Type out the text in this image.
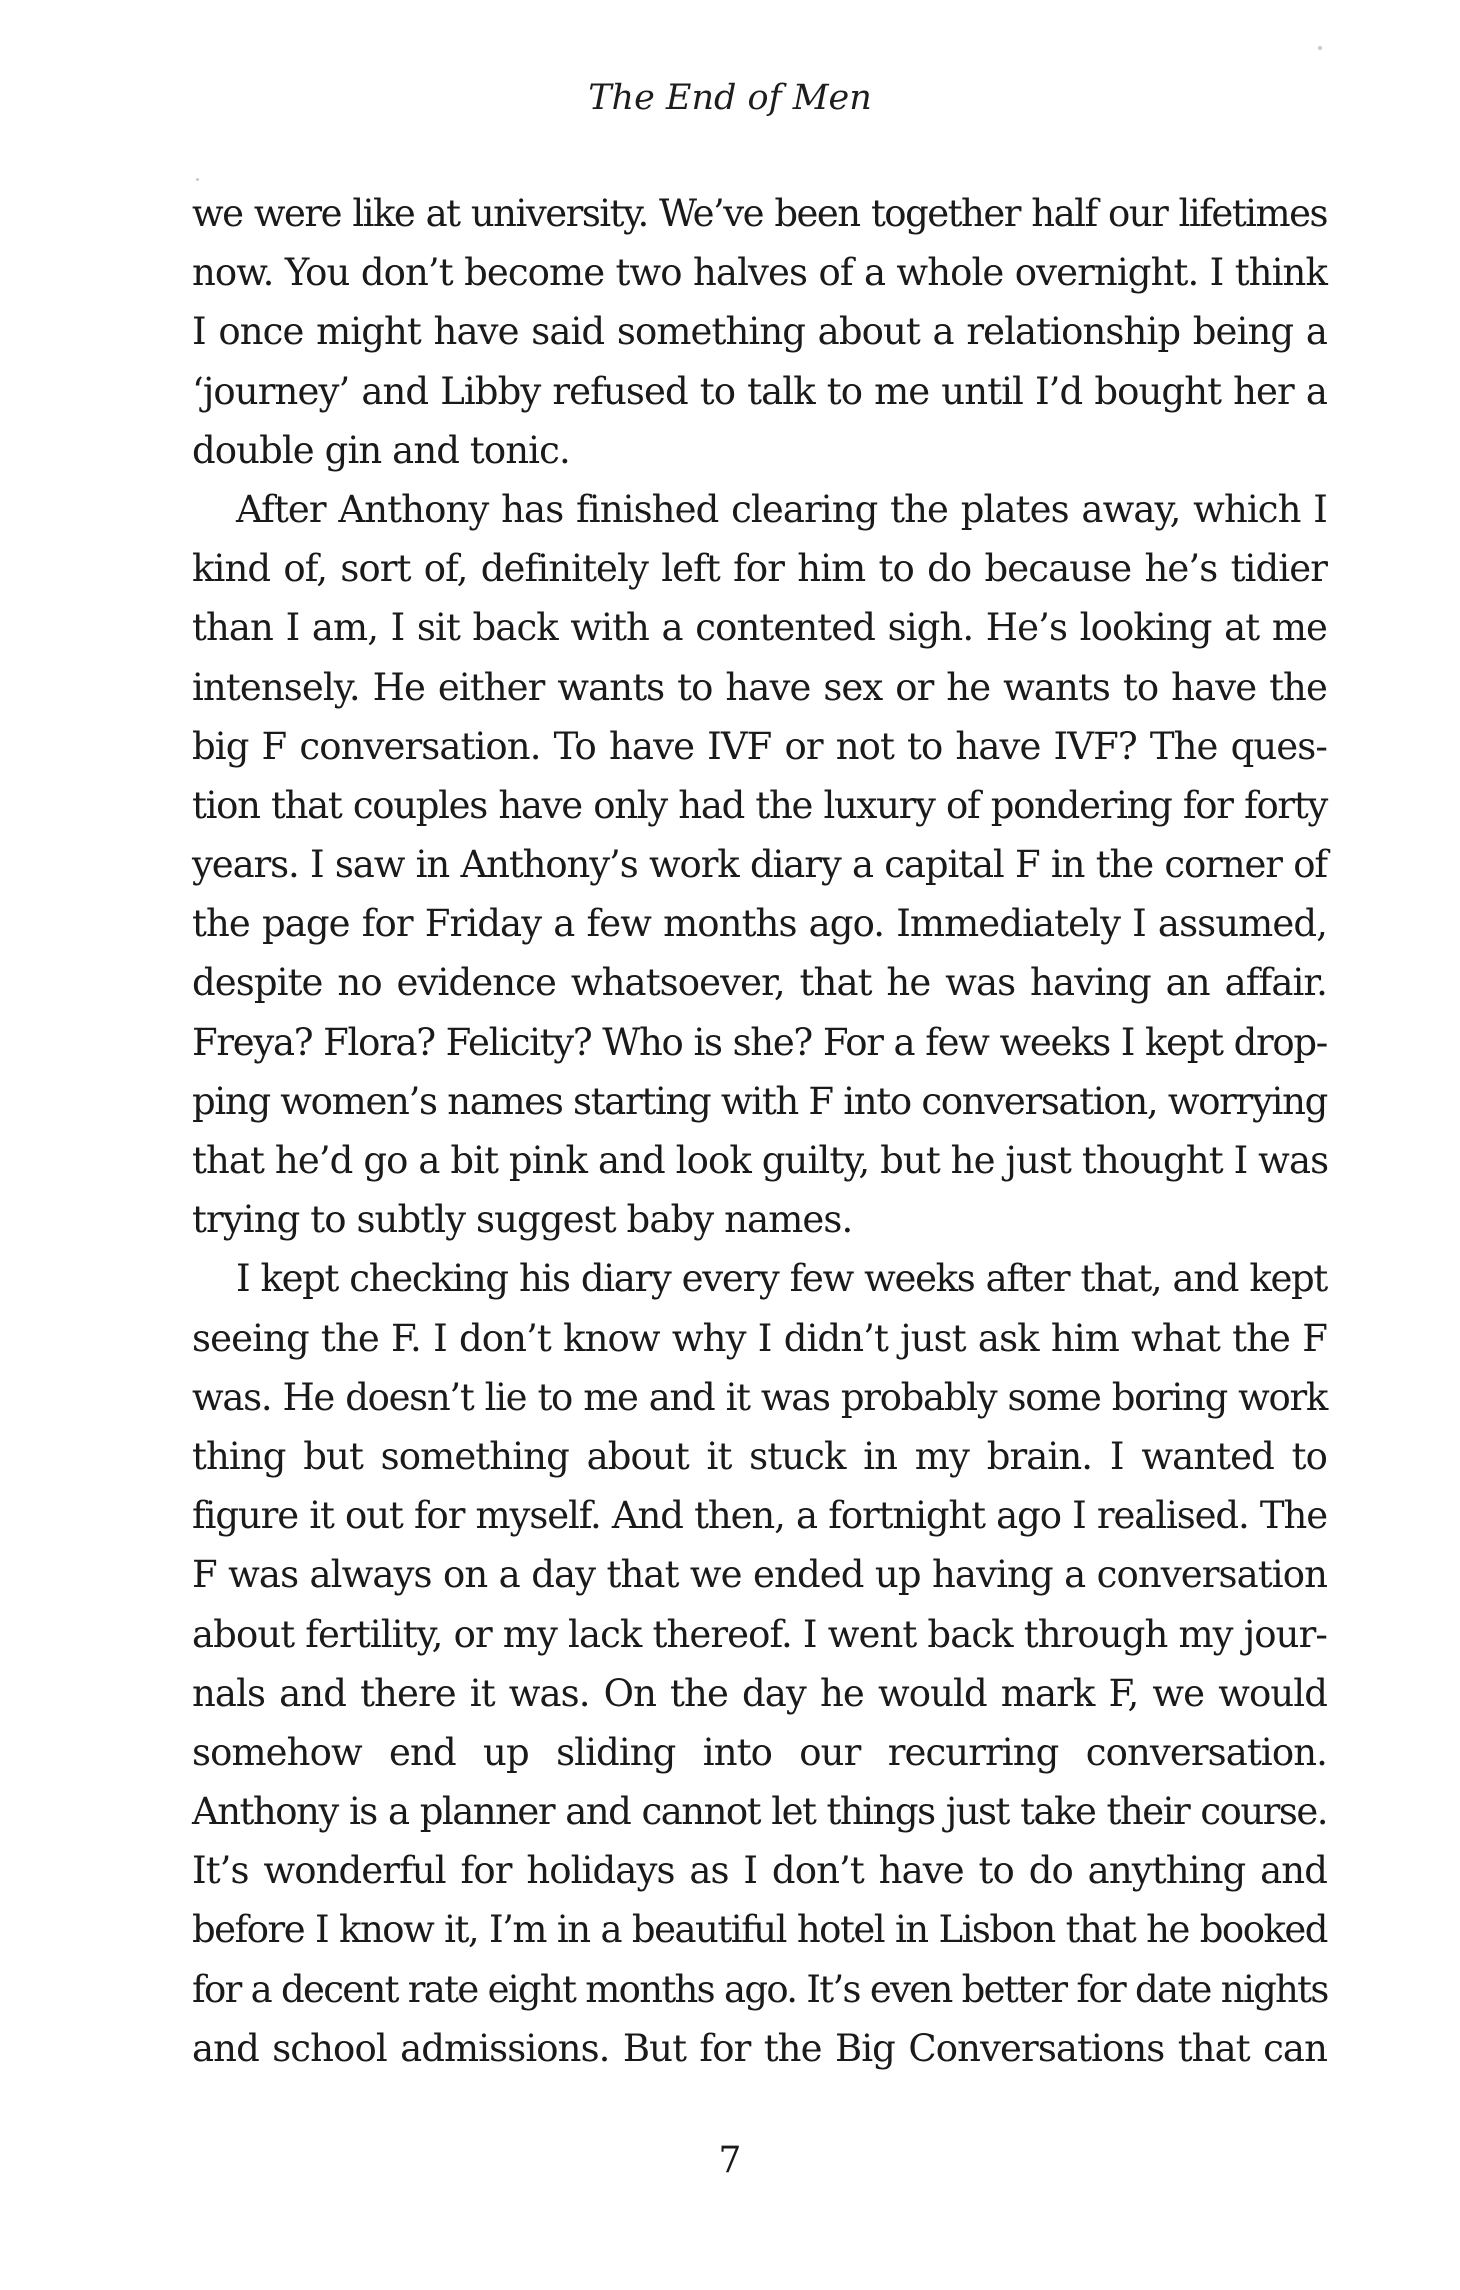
The End of Men
we were like at university. We’ve been together half our lifetimes
now. You don’t become two halves of a whole overnight. I think
I once might have said something about a relationship being a
‘journey’ and Libby refused to talk to me until I’d bought her a
double gin and tonic.
After Anthony has finished clearing the plates away, which I
kind of, sort of, definitely left for him to do because he’s tidier
than I am, I sit back with a contented sigh. He’s looking at me
intensely. He either wants to have sex or he wants to have the
big F conversation. To have IVF or not to have IVF? The ques-
tion that couples have only had the luxury of pondering for forty
years. I saw in Anthony’s work diary a capital F in the corner of
the page for Friday a few months ago. Immediately I assumed,
despite no evidence whatsoever, that he was having an affair.
Freya? Flora? Felicity? Who is she? For a few weeks I kept drop-
ping women’s names starting with F into conversation, worrying
that he’d go a bit pink and look guilty, but he just thought I was
trying to subtly suggest baby names.
I kept checking his diary every few weeks after that, and kept
seeing the F. I don’t know why I didn’t just ask him what the F
was. He doesn’t lie to me and it was probably some boring work
thing but something about it stuck in my brain. I wanted to
figure it out for myself. And then, a fortnight ago I realised. The
F was always on a day that we ended up having a conversation
about fertility, or my lack thereof. I went back through my jour-
nals and there it was. On the day he would mark F, we would
somehow end up sliding into our recurring conversation.
Anthony is a planner and cannot let things just take their course.
It’s wonderful for holidays as I don’t have to do anything and
before I know it, I’m in a beautiful hotel in Lisbon that he booked
for a decent rate eight months ago. It’s even better for date nights
and school admissions. But for the Big Conversations that can
7
